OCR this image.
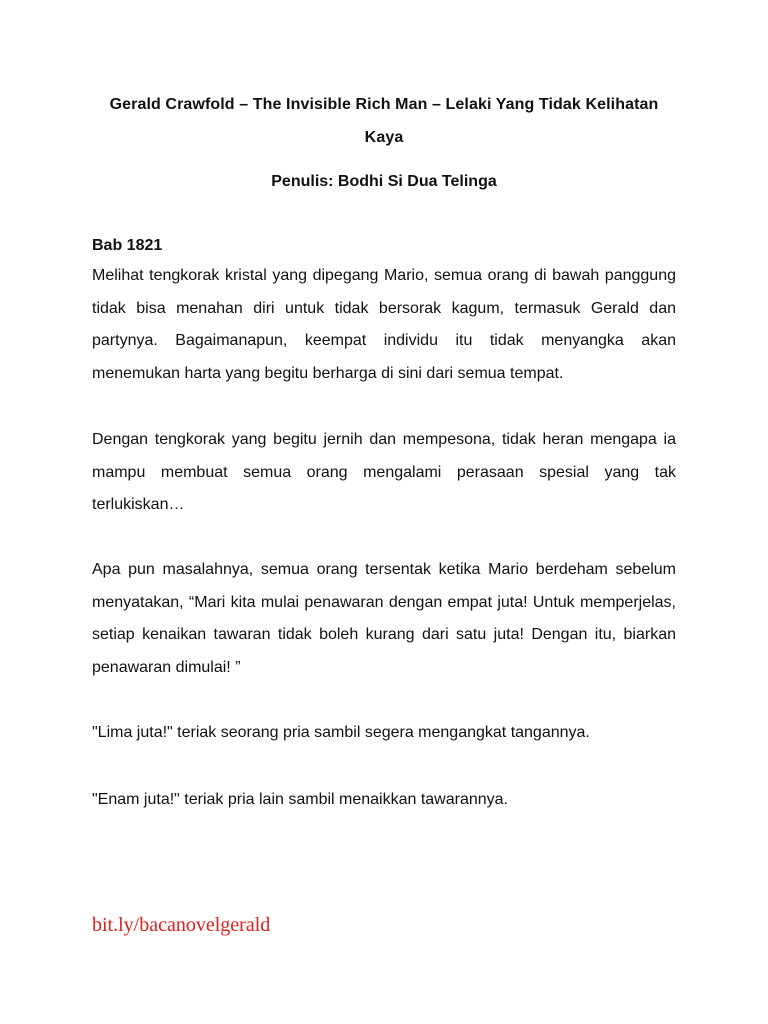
Gerald Crawfold – The Invisible Rich Man – Lelaki Yang Tidak Kelihatan Kaya
Penulis: Bodhi Si Dua Telinga
Bab 1821
Melihat tengkorak kristal yang dipegang Mario, semua orang di bawah panggung tidak bisa menahan diri untuk tidak bersorak kagum, termasuk Gerald dan partynya. Bagaimanapun, keempat individu itu tidak menyangka akan menemukan harta yang begitu berharga di sini dari semua tempat.
Dengan tengkorak yang begitu jernih dan mempesona, tidak heran mengapa ia mampu membuat semua orang mengalami perasaan spesial yang tak terlukiskan…
Apa pun masalahnya, semua orang tersentak ketika Mario berdeham sebelum menyatakan, “Mari kita mulai penawaran dengan empat juta! Untuk memperjelas, setiap kenaikan tawaran tidak boleh kurang dari satu juta! Dengan itu, biarkan penawaran dimulai! ”
"Lima juta!" teriak seorang pria sambil segera mengangkat tangannya.
"Enam juta!" teriak pria lain sambil menaikkan tawarannya.
bit.ly/bacanovelgerald
